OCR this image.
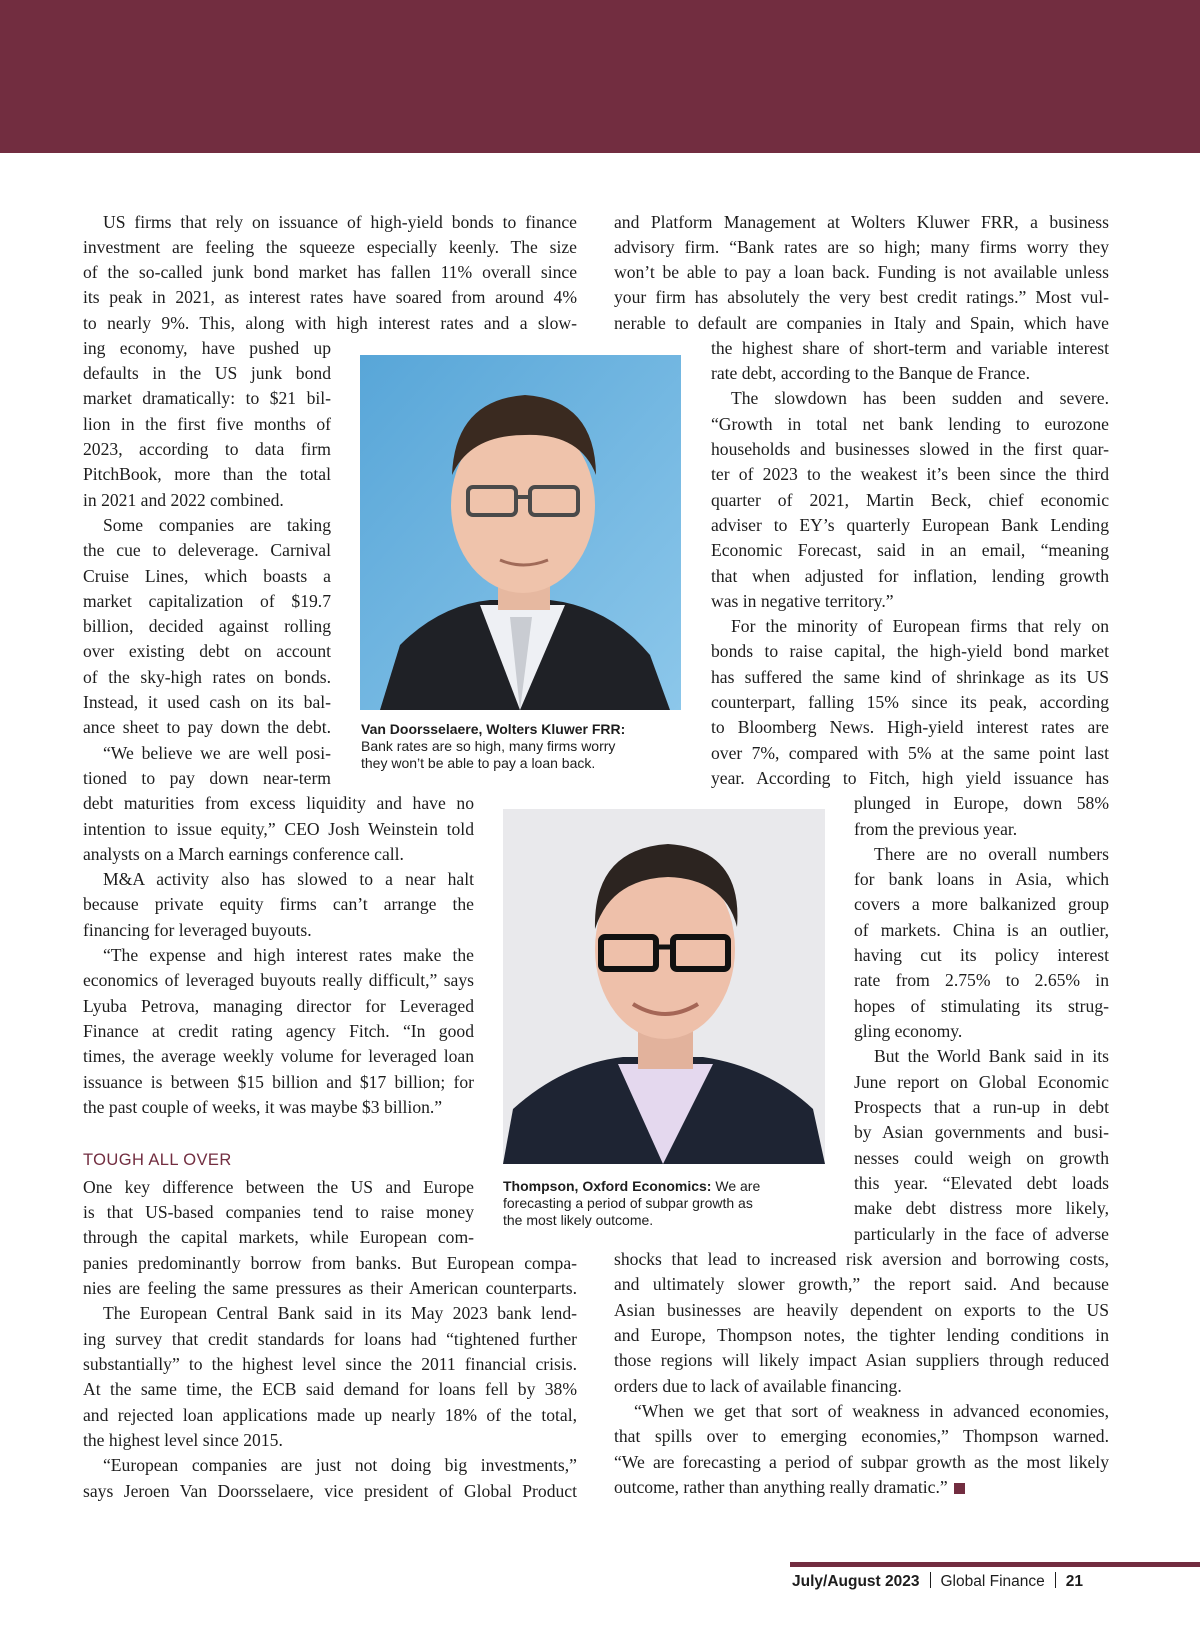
US firms that rely on issuance of high-yield bonds to finance
investment are feeling the squeeze especially keenly. The size
of the so-called junk bond market has fallen 11% overall since
its peak in 2021, as interest rates have soared from around 4%
to nearly 9%. This, along with high interest rates and a slow-
ing economy, have pushed up
defaults in the US junk bond
market dramatically: to $21 bil-
lion in the first five months of
2023, according to data firm
PitchBook, more than the total
in 2021 and 2022 combined.
Some companies are taking
the cue to deleverage. Carnival
Cruise Lines, which boasts a
market capitalization of $19.7
billion, decided against rolling
over existing debt on account
of the sky-high rates on bonds.
Instead, it used cash on its bal-
ance sheet to pay down the debt.
“We believe we are well posi-
tioned to pay down near-term
debt maturities from excess liquidity and have no
intention to issue equity,” CEO Josh Weinstein told
analysts on a March earnings conference call.
M&A activity also has slowed to a near halt
because private equity firms can’t arrange the
financing for leveraged buyouts.
“The expense and high interest rates make the
economics of leveraged buyouts really difficult,” says
Lyuba Petrova, managing director for Leveraged
Finance at credit rating agency Fitch. “In good
times, the average weekly volume for leveraged loan
issuance is between $15 billion and $17 billion; for
the past couple of weeks, it was maybe $3 billion.”
TOUGH ALL OVER
One key difference between the US and Europe
is that US-based companies tend to raise money
through the capital markets, while European com-
panies predominantly borrow from banks. But European compa-
nies are feeling the same pressures as their American counterparts.
The European Central Bank said in its May 2023 bank lend-
ing survey that credit standards for loans had “tightened further
substantially” to the highest level since the 2011 financial crisis.
At the same time, the ECB said demand for loans fell by 38%
and rejected loan applications made up nearly 18% of the total,
the highest level since 2015.
“European companies are just not doing big investments,”
says Jeroen Van Doorsselaere, vice president of Global Product
and Platform Management at Wolters Kluwer FRR, a business
advisory firm. “Bank rates are so high; many firms worry they
won’t be able to pay a loan back. Funding is not available unless
your firm has absolutely the very best credit ratings.” Most vul-
nerable to default are companies in Italy and Spain, which have
the highest share of short-term and variable interest
rate debt, according to the Banque de France.
The slowdown has been sudden and severe.
“Growth in total net bank lending to eurozone
households and businesses slowed in the first quar-
ter of 2023 to the weakest it’s been since the third
quarter of 2021, Martin Beck, chief economic
adviser to EY’s quarterly European Bank Lending
Economic Forecast, said in an email, “meaning
that when adjusted for inflation, lending growth
was in negative territory.”
For the minority of European firms that rely on
bonds to raise capital, the high-yield bond market
has suffered the same kind of shrinkage as its US
counterpart, falling 15% since its peak, according
to Bloomberg News. High-yield interest rates are
over 7%, compared with 5% at the same point last
year. According to Fitch, high yield issuance has
plunged in Europe, down 58%
from the previous year.
There are no overall numbers
for bank loans in Asia, which
covers a more balkanized group
of markets. China is an outlier,
having cut its policy interest
rate from 2.75% to 2.65% in
hopes of stimulating its strug-
gling economy.
But the World Bank said in its
June report on Global Economic
Prospects that a run-up in debt
by Asian governments and busi-
nesses could weigh on growth
this year. “Elevated debt loads
make debt distress more likely,
particularly in the face of adverse
shocks that lead to increased risk aversion and borrowing costs,
and ultimately slower growth,” the report said. And because
Asian businesses are heavily dependent on exports to the US
and Europe, Thompson notes, the tighter lending conditions in
those regions will likely impact Asian suppliers through reduced
orders due to lack of available financing.
“When we get that sort of weakness in advanced economies,
that spills over to emerging economies,” Thompson warned.
“We are forecasting a period of subpar growth as the most likely
outcome, rather than anything really dramatic.”
Van Doorsselaere, Wolters Kluwer FRR:
Bank rates are so high, many firms worry
they won’t be able to pay a loan back.
Thompson, Oxford Economics: We are
forecasting a period of subpar growth as
the most likely outcome.
July/August 2023 Global Finance 21
